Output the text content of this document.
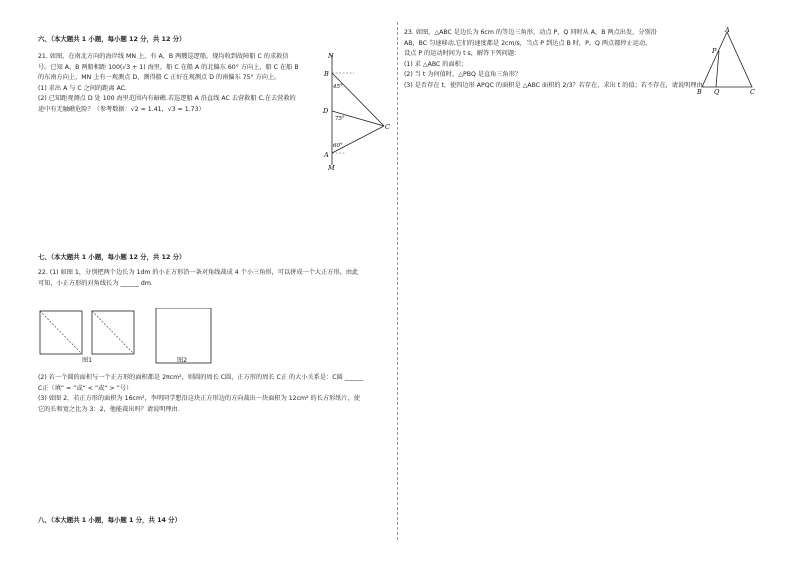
六、（本大题共 1 小题，每小题 12 分，共 12 分）
21. 如图，在南北方向的海岸线 MN 上，有 A，B 两艘巡逻船，现均收到故障船 C 的求救信
号。已知 A，B 两船相距 100(√3 + 1) 海里，船 C 在船 A 的北偏东 60° 方向上，船 C 在船 B
的东南方向上，MN 上有一观测点 D，测得船 C 正好在观测点 D 的南偏东 75° 方向上。
(1) 求出 A 与 C 之间的距离 AC．
(2) 已知距观测点 D 处 100 海里范围内有暗礁.若巡逻船 A 沿直线 AC 去营救船 C,在去营救的
途中有无触礁危险？（参考数据：√2 ≈ 1.41，√3 ≈ 1.73）
N
B
D
A
M
C
45°
75°
60°
七、（本大题共 1 小题，每小题 12 分，共 12 分）
22. (1) 如图 1，分别把两个边长为 1dm 的小正方形沿一条对角线裁成 4 个小三角形，可以拼成一个大正方形，由此
可知，小正方形的对角线长为 ______ dm．
图1	图2
(2) 若一个圆的面积与一个正方形的面积都是 2πcm²，则圆的周长 C圆，正方形的周长 C正 的大小关系是：C圆 ______
C正（填“ = ”或“ < ”或“ > ”号）
(3) 如图 2，若正方形的面积为 16cm²，李明同学想沿这块正方形边的方向裁出一块面积为 12cm² 的长方形纸片，使
它的长和宽之比为 3：2，他能裁出吗？请说明理由．
八、（本大题共 1 小题，每小题 1 分，共 14 分）
23. 如图，△ABC 是边长为 6cm 的等边三角形，动点 P，Q 同时从 A，B 两点出发，分别沿
AB，BC 匀速移动,它们的速度都是 2cm/s，当点 P 到达点 B 时，P，Q 两点都停止运动，
设点 P 的运动时间为 t s，解答下列问题：
(1) 求 △ABC 的面积；
(2) 当 t 为何值时，△PBQ 是直角三角形？
(3) 是否存在 t，使四边形 APQC 的面积是 △ABC 面积的 2/3？若存在，求出 t 的值；若不存在，请说明理由．
A
P
B Q	C
